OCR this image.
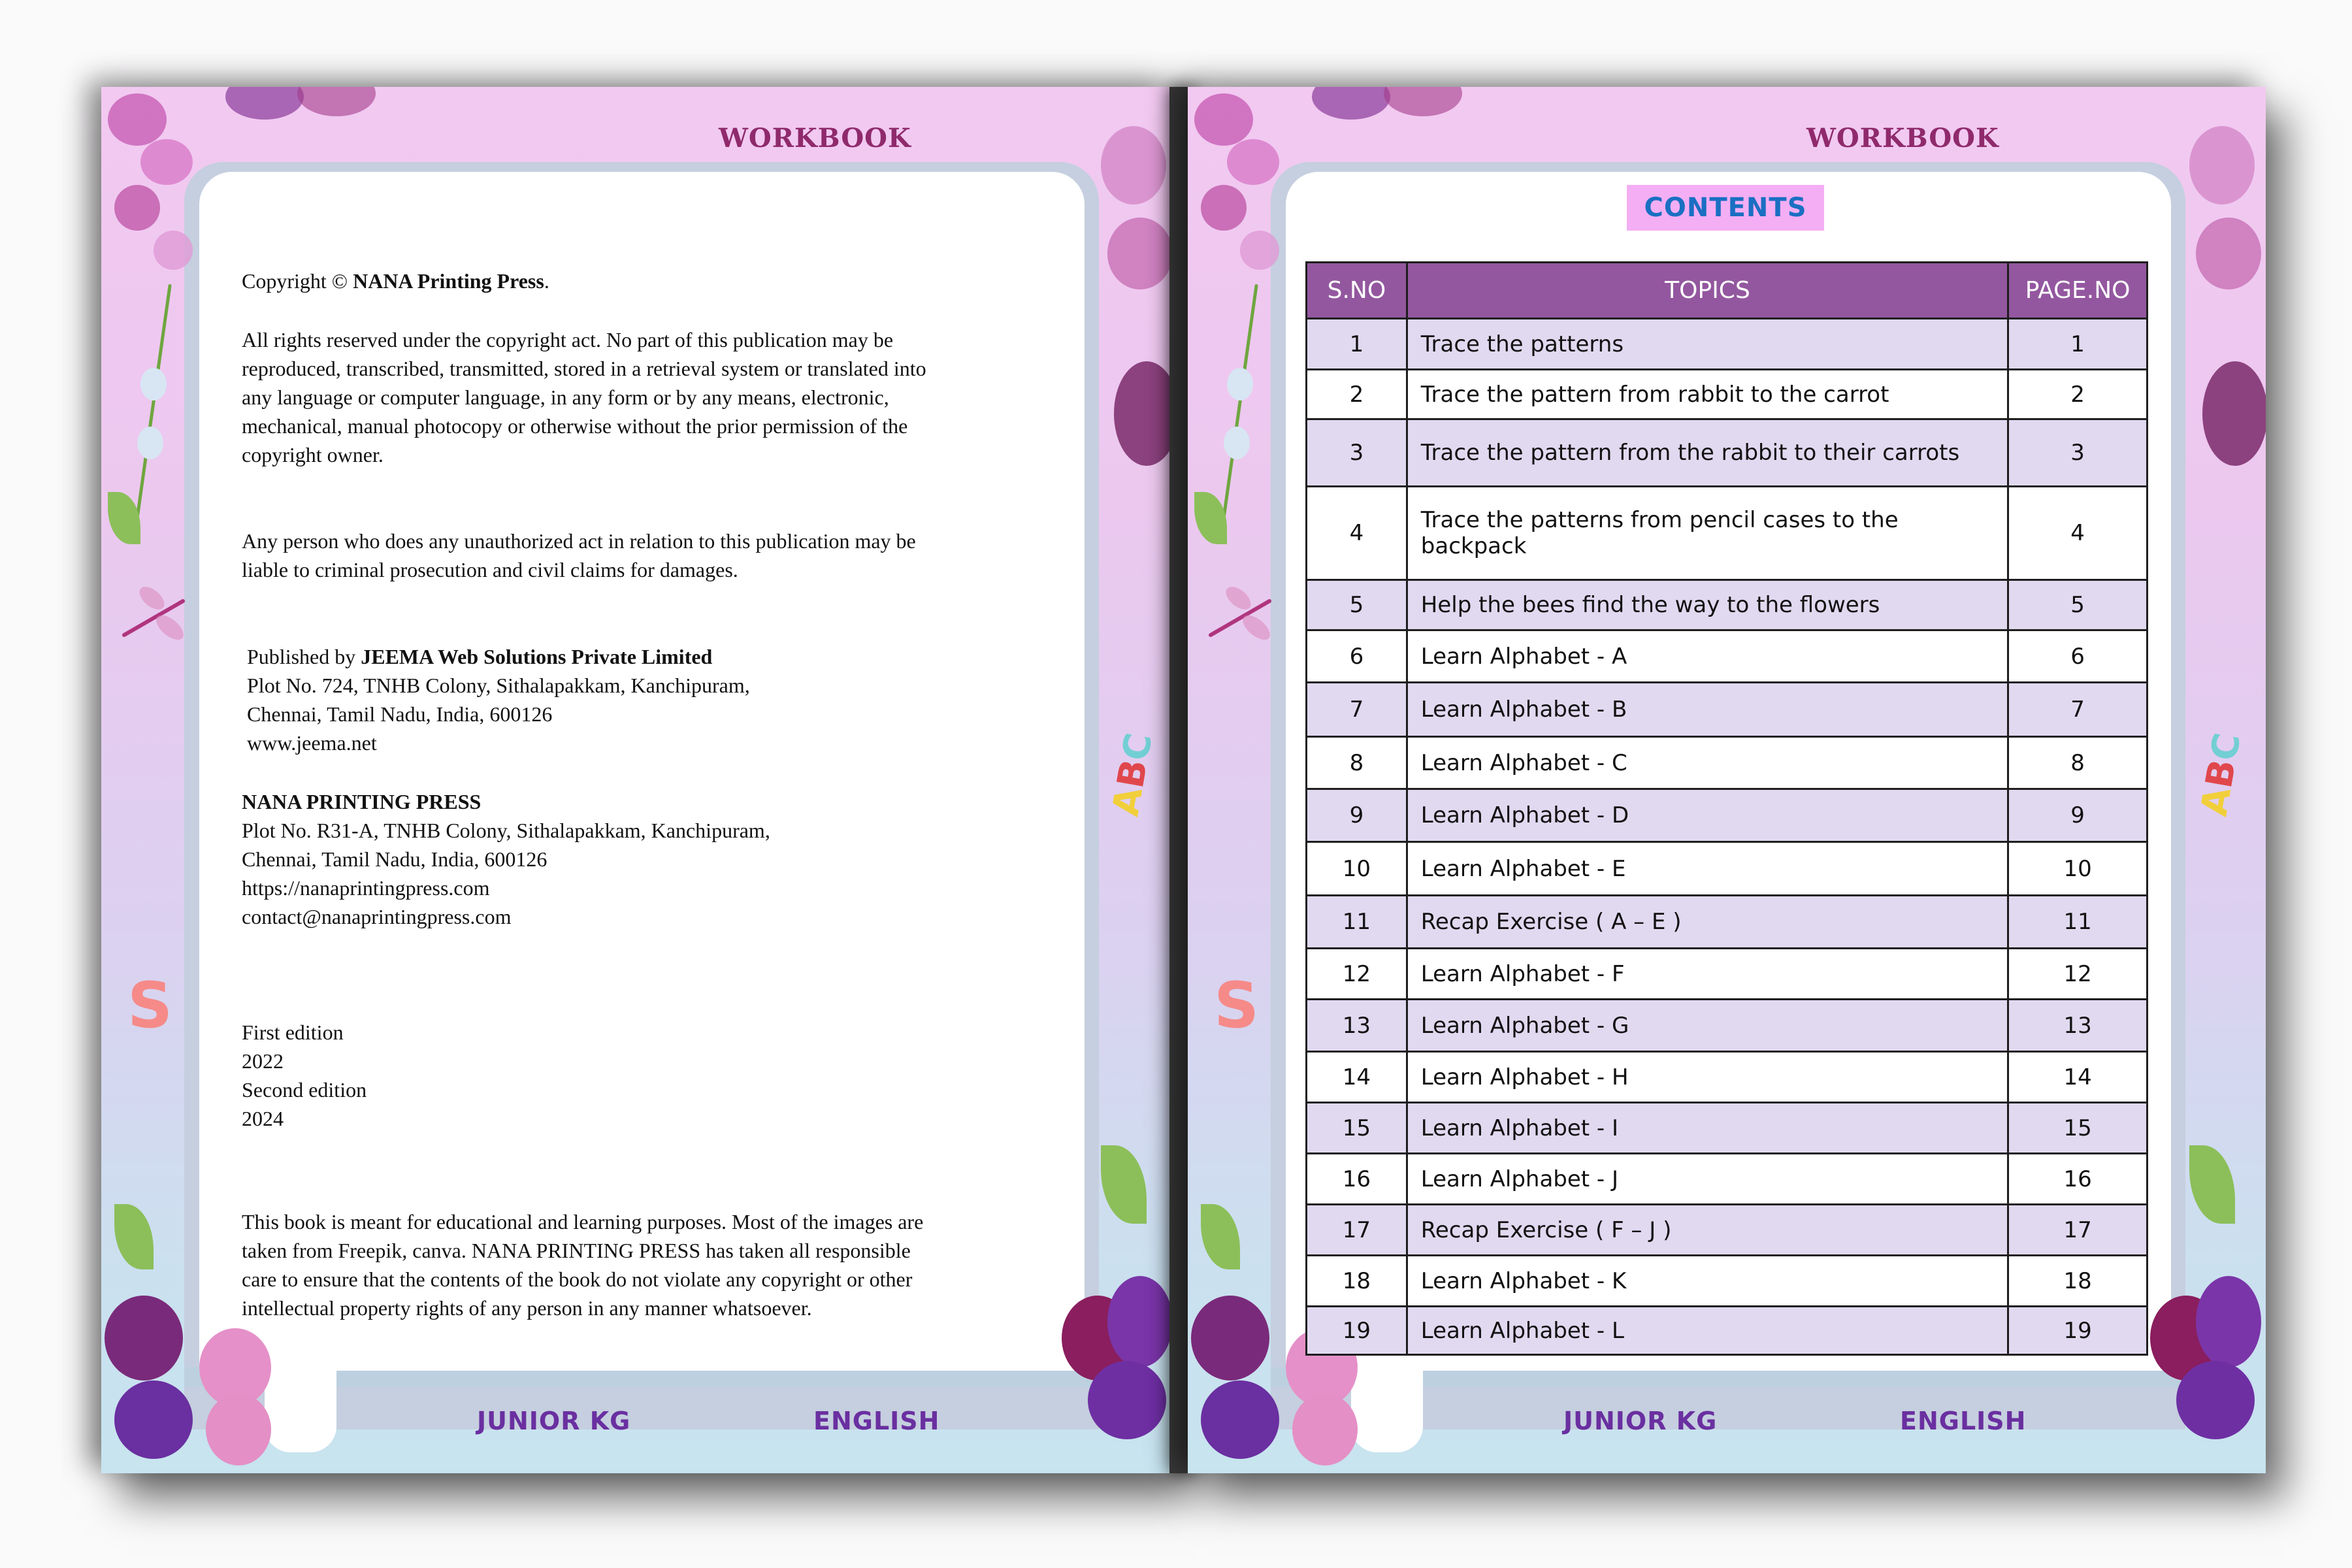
S
ABC
WORKBOOK
Copyright © NANA Printing Press.

All rights reserved under the copyright act. No part of this publication may be

reproduced, transcribed, transmitted, stored in a retrieval system or translated into

any language or computer language, in any form or by any means, electronic,

mechanical, manual photocopy or otherwise without the prior permission of the

copyright owner.

Any person who does any unauthorized act in relation to this publication may be

liable to criminal prosecution and civil claims for damages.

Published by JEEMA Web Solutions Private Limited

Plot No. 724, TNHB Colony, Sithalapakkam, Kanchipuram,

Chennai, Tamil Nadu, India, 600126

www.jeema.net

NANA PRINTING PRESS

Plot No. R31-A, TNHB Colony, Sithalapakkam, Kanchipuram,

Chennai, Tamil Nadu, India, 600126

https://nanaprintingpress.com

contact@nanaprintingpress.com

First edition

2022

Second edition

2024

This book is meant for educational and learning purposes. Most of the images are

taken from Freepik, canva. NANA PRINTING PRESS has taken all responsible

care to ensure that the contents of the book do not violate any copyright or other

intellectual property rights of any person in any manner whatsoever.

JUNIOR KG	ENGLISH
S
ABC
WORKBOOK
JUNIOR KG	ENGLISH
CONTENTS
S.NO	TOPICS	PAGE.NO
1	Trace the patterns	1
2	Trace the pattern from rabbit to the carrot	2
3	Trace the pattern from the rabbit to their carrots	3
4	Trace the patterns from pencil cases to the backpack	4
5	Help the bees find the way to the flowers	5
6	Learn Alphabet - A	6
7	Learn Alphabet - B	7
8	Learn Alphabet - C	8
9	Learn Alphabet - D	9
10	Learn Alphabet - E	10
11	Recap Exercise ( A – E )	11
12	Learn Alphabet - F	12
13	Learn Alphabet - G	13
14	Learn Alphabet - H	14
15	Learn Alphabet - I	15
16	Learn Alphabet - J	16
17	Recap Exercise ( F – J )	17
18	Learn Alphabet - K	18
19	Learn Alphabet - L	19
